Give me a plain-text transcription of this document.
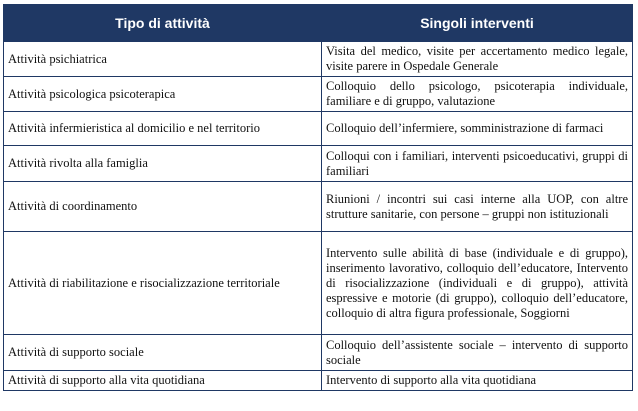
Tipo di attività	Singoli interventi
Attività psichiatrica	Visita del medico, visite per accertamento medico legale, visite parere in Ospedale Generale
Attività psicologica psicoterapica	Colloquio dello psicologo, psicoterapia individuale, familiare e di gruppo, valutazione
Attività infermieristica al domicilio e nel territorio	Colloquio dell’infermiere, somministrazione di farmaci
Attività rivolta alla famiglia	Colloqui con i familiari, interventi psicoeducativi, gruppi di familiari
Attività di coordinamento	Riunioni / incontri sui casi interne alla UOP, con altre strutture sanitarie, con persone – gruppi non istituzionali
Attività di riabilitazione e risocializzazione territoriale	Intervento sulle abilità di base (individuale e di gruppo), inserimento lavorativo, colloquio dell’educatore, Intervento di risocializzazione (individuali e di gruppo), attività espressive e motorie (di gruppo), colloquio dell’educatore, colloquio di altra figura professionale, Soggiorni
Attività di supporto sociale	Colloquio dell’assistente sociale – intervento di supporto sociale
Attività di supporto alla vita quotidiana	Intervento di supporto alla vita quotidiana
